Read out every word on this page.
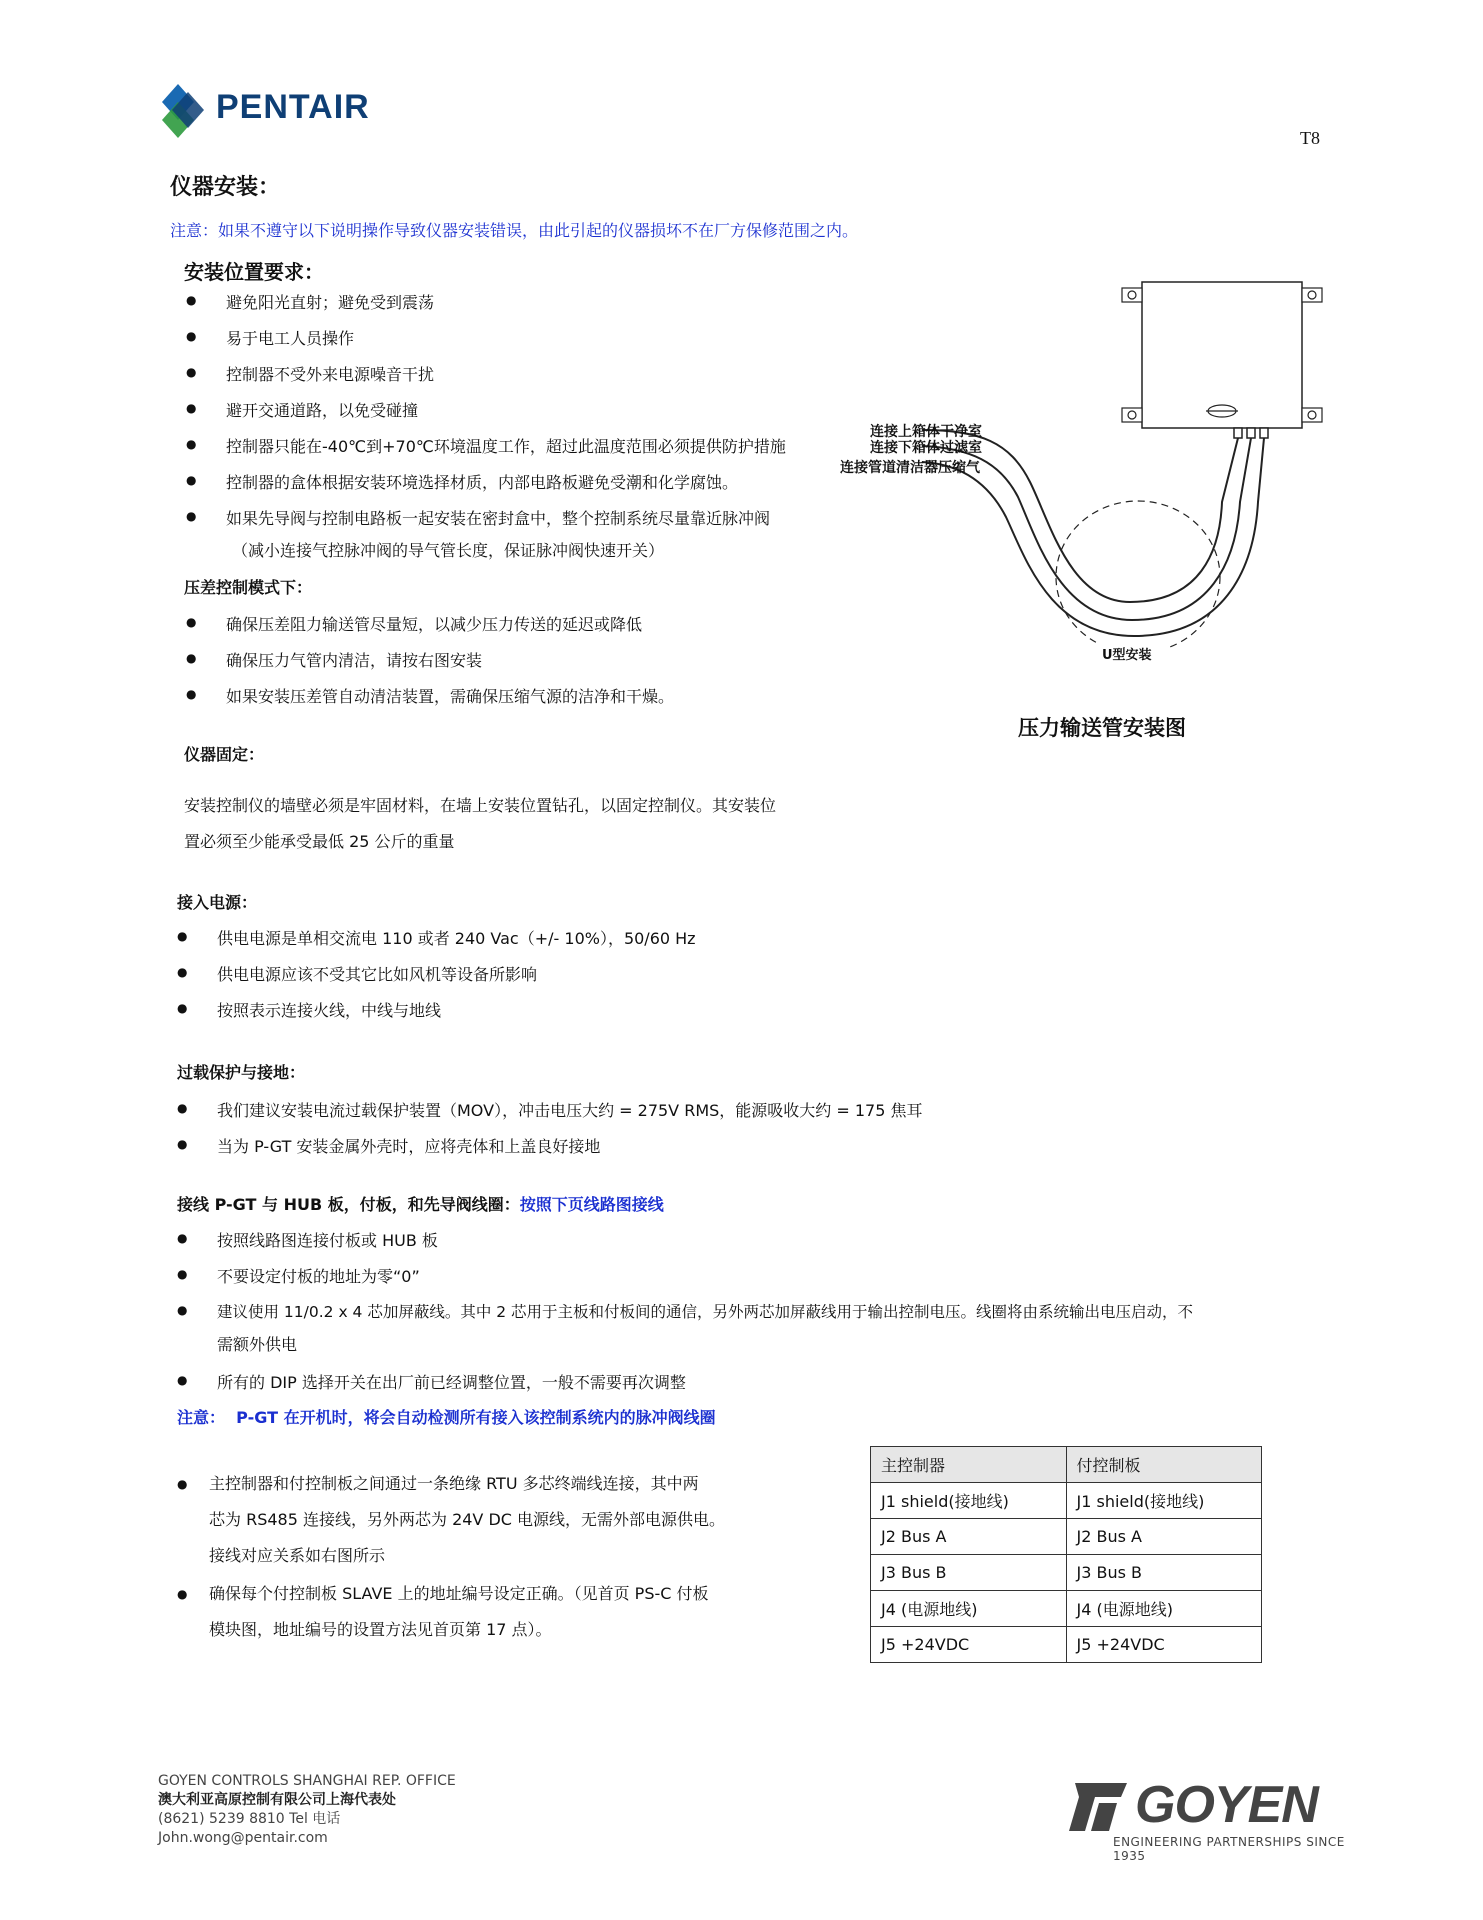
PENTAIR
T8
仪器安装：
注意：如果不遵守以下说明操作导致仪器安装错误，由此引起的仪器损坏不在厂方保修范围之内。
安装位置要求：
● 避免阳光直射；避免受到震荡
● 易于电工人员操作
● 控制器不受外来电源噪音干扰
● 避开交通道路，以免受碰撞
● 控制器只能在-40℃到+70℃环境温度工作，超过此温度范围必须提供防护措施
● 控制器的盒体根据安装环境选择材质，内部电路板避免受潮和化学腐蚀。
● 如果先导阀与控制电路板一起安装在密封盒中，整个控制系统尽量靠近脉冲阀
（减小连接气控脉冲阀的导气管长度，保证脉冲阀快速开关）
压差控制模式下：
● 确保压差阻力输送管尽量短，以减少压力传送的延迟或降低
● 确保压力气管内清洁，请按右图安装
● 如果安装压差管自动清洁装置，需确保压缩气源的洁净和干燥。
连接上箱体干净室
连接下箱体过滤室
连接管道清洁器压缩气
U型安装
压力输送管安装图
仪器固定：
安装控制仪的墙壁必须是牢固材料，在墙上安装位置钻孔，以固定控制仪。其安装位
置必须至少能承受最低 25 公斤的重量
接入电源：
● 供电电源是单相交流电 110 或者 240 Vac（+/- 10%），50/60 Hz
● 供电电源应该不受其它比如风机等设备所影响
● 按照表示连接火线，中线与地线
过载保护与接地：
● 我们建议安装电流过载保护装置（MOV），冲击电压大约 = 275V RMS，能源吸收大约 = 175 焦耳
● 当为 P-GT 安装金属外壳时，应将壳体和上盖良好接地
接线 P-GT 与 HUB 板，付板，和先导阀线圈：按照下页线路图接线
● 按照线路图连接付板或 HUB 板
● 不要设定付板的地址为零“0”
● 建议使用 11/0.2 x 4 芯加屏蔽线。其中 2 芯用于主板和付板间的通信，另外两芯加屏蔽线用于输出控制电压。线圈将由系统输出电压启动，不
● 所有的 DIP 选择开关在出厂前已经调整位置，一般不需要再次调整
需额外供电
注意： P-GT 在开机时，将会自动检测所有接入该控制系统内的脉冲阀线圈
● 主控制器和付控制板之间通过一条绝缘 RTU 多芯终端线连接，其中两
芯为 RS485 连接线，另外两芯为 24V DC 电源线，无需外部电源供电。
接线对应关系如右图所示
● 确保每个付控制板 SLAVE 上的地址编号设定正确。（见首页 PS-C 付板
模块图，地址编号的设置方法见首页第 17 点）。
主控制器	付控制板
J1 shield(接地线)	J1 shield(接地线)
J2 Bus A	J2 Bus A
J3 Bus B	J3 Bus B
J4 (电源地线)	J4 (电源地线)
J5 +24VDC	J5 +24VDC
GOYEN CONTROLS SHANGHAI REP. OFFICE
澳大利亚高原控制有限公司上海代表处
(8621) 5239 8810 Tel 电话
John.wong@pentair.com
GOYEN
ENGINEERING PARTNERSHIPS SINCE 1935
